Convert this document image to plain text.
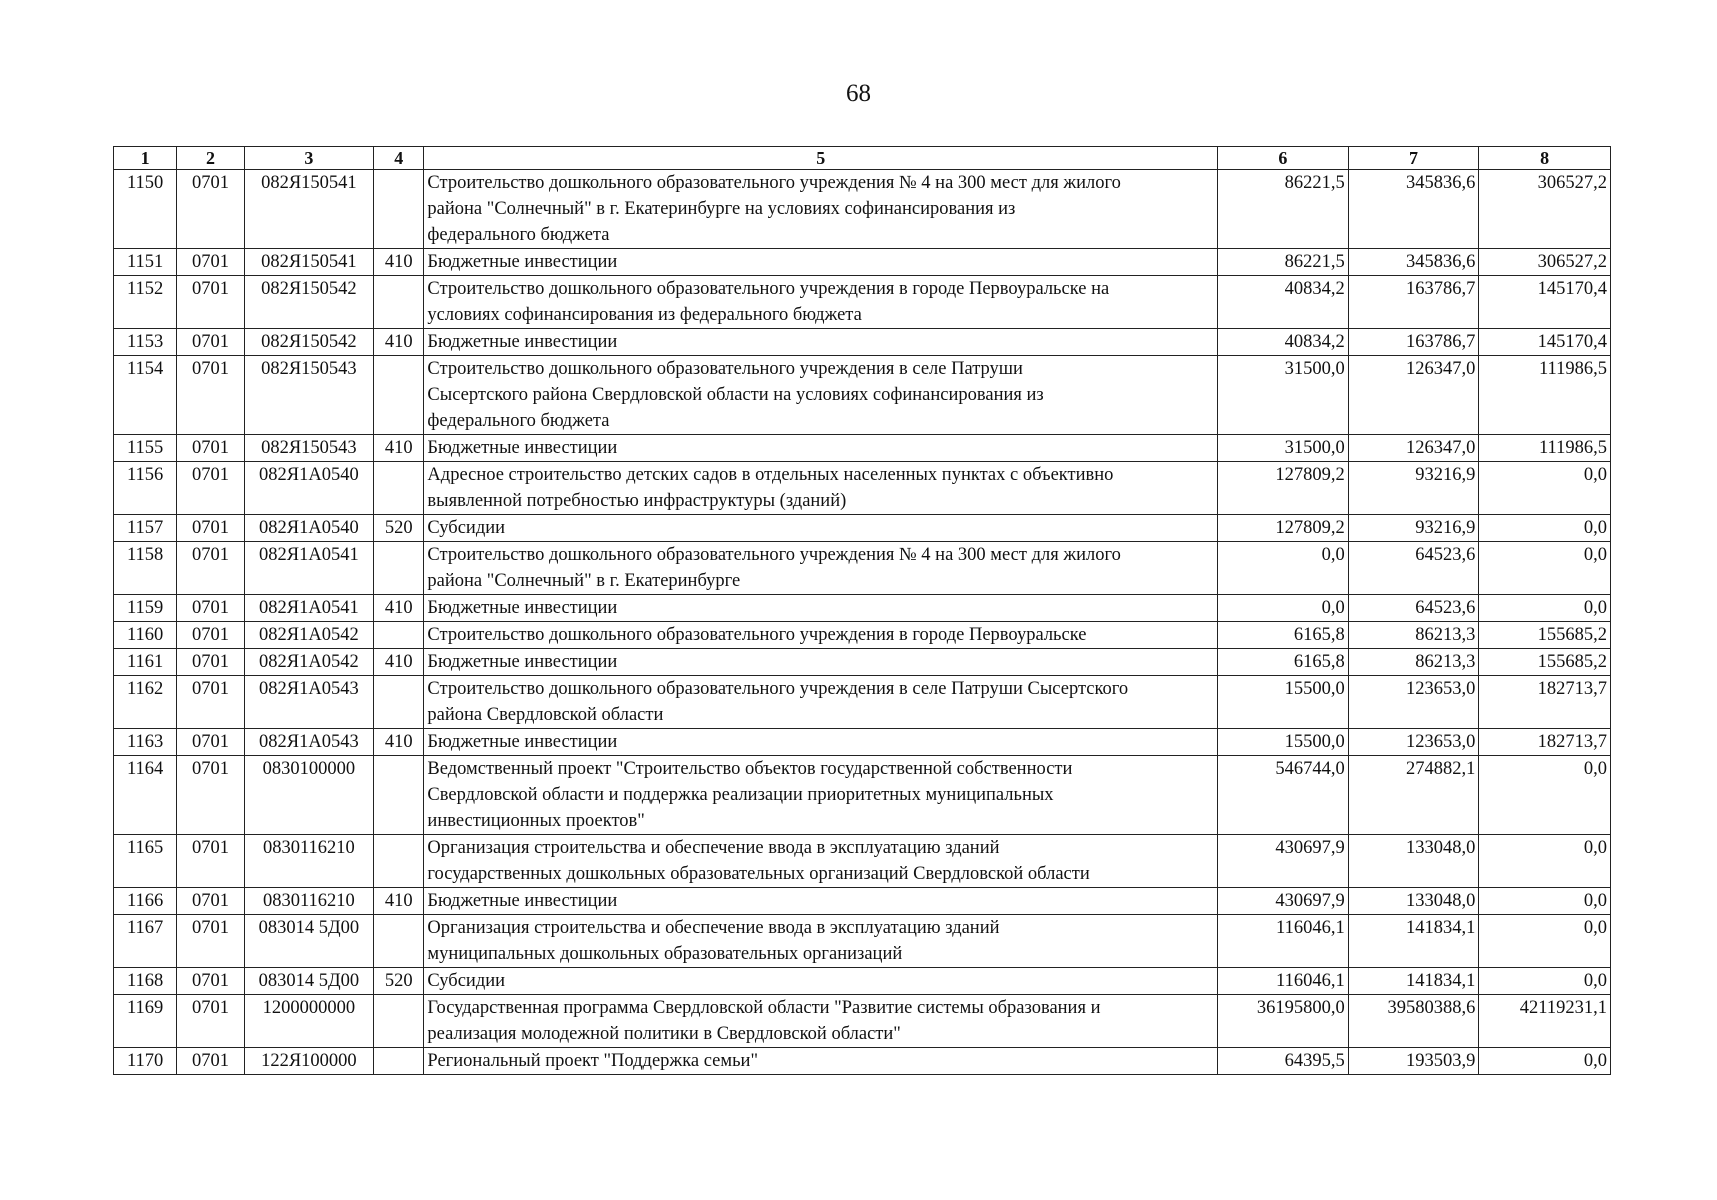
68
1	2	3	4	5	6	7	8
1150	0701	082Я150541		Строительство дошкольного образовательного учреждения № 4 на 300 мест для жилого
района "Солнечный" в г. Екатеринбурге на условиях софинансирования из
федерального бюджета	86221,5	345836,6	306527,2
1151	0701	082Я150541	410	Бюджетные инвестиции	86221,5	345836,6	306527,2
1152	0701	082Я150542		Строительство дошкольного образовательного учреждения в городе Первоуральске на
условиях софинансирования из федерального бюджета	40834,2	163786,7	145170,4
1153	0701	082Я150542	410	Бюджетные инвестиции	40834,2	163786,7	145170,4
1154	0701	082Я150543		Строительство дошкольного образовательного учреждения в селе Патруши
Сысертского района Свердловской области на условиях софинансирования из
федерального бюджета	31500,0	126347,0	111986,5
1155	0701	082Я150543	410	Бюджетные инвестиции	31500,0	126347,0	111986,5
1156	0701	082Я1А0540		Адресное строительство детских садов в отдельных населенных пунктах с объективно
выявленной потребностью инфраструктуры (зданий)	127809,2	93216,9	0,0
1157	0701	082Я1А0540	520	Субсидии	127809,2	93216,9	0,0
1158	0701	082Я1А0541		Строительство дошкольного образовательного учреждения № 4 на 300 мест для жилого
района "Солнечный" в г. Екатеринбурге	0,0	64523,6	0,0
1159	0701	082Я1А0541	410	Бюджетные инвестиции	0,0	64523,6	0,0
1160	0701	082Я1А0542		Строительство дошкольного образовательного учреждения в городе Первоуральске	6165,8	86213,3	155685,2
1161	0701	082Я1А0542	410	Бюджетные инвестиции	6165,8	86213,3	155685,2
1162	0701	082Я1А0543		Строительство дошкольного образовательного учреждения в селе Патруши Сысертского
района Свердловской области	15500,0	123653,0	182713,7
1163	0701	082Я1А0543	410	Бюджетные инвестиции	15500,0	123653,0	182713,7
1164	0701	0830100000		Ведомственный проект "Строительство объектов государственной собственности
Свердловской области и поддержка реализации приоритетных муниципальных
инвестиционных проектов"	546744,0	274882,1	0,0
1165	0701	0830116210		Организация строительства и обеспечение ввода в эксплуатацию зданий
государственных дошкольных образовательных организаций Свердловской области	430697,9	133048,0	0,0
1166	0701	0830116210	410	Бюджетные инвестиции	430697,9	133048,0	0,0
1167	0701	083014 5Д00		Организация строительства и обеспечение ввода в эксплуатацию зданий
муниципальных дошкольных образовательных организаций	116046,1	141834,1	0,0
1168	0701	083014 5Д00	520	Субсидии	116046,1	141834,1	0,0
1169	0701	1200000000		Государственная программа Свердловской области "Развитие системы образования и
реализация молодежной политики в Свердловской области"	36195800,0	39580388,6	42119231,1
1170	0701	122Я100000		Региональный проект "Поддержка семьи"	64395,5	193503,9	0,0
